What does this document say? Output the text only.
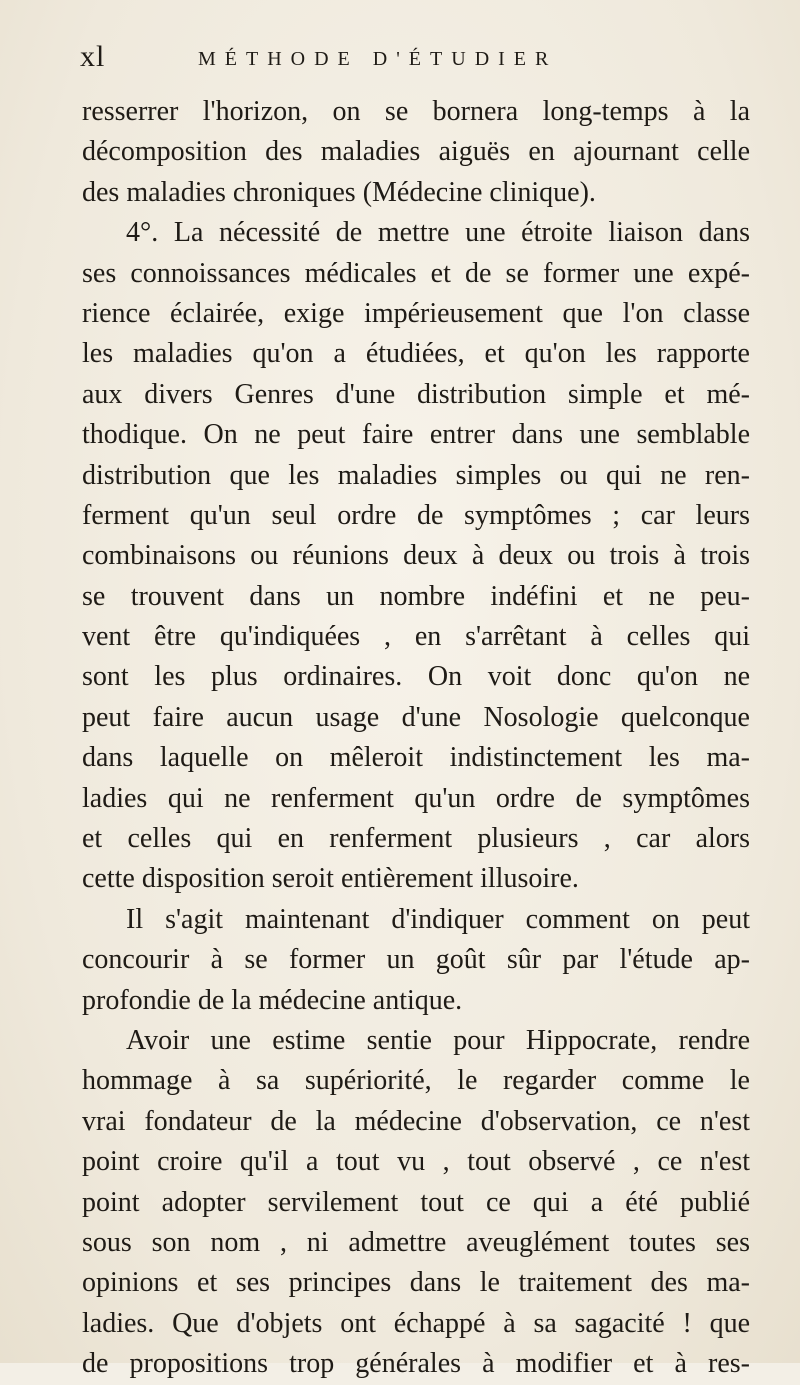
xl	MÉTHODE D'ÉTUDIER
resserrer l'horizon, on se bornera long-temps à la
décomposition des maladies aiguës en ajournant celle
des maladies chroniques (Médecine clinique).
4°. La nécessité de mettre une étroite liaison dans
ses connoissances médicales et de se former une expé-
rience éclairée, exige impérieusement que l'on classe
les maladies qu'on a étudiées, et qu'on les rapporte
aux divers Genres d'une distribution simple et mé-
thodique. On ne peut faire entrer dans une semblable
distribution que les maladies simples ou qui ne ren-
ferment qu'un seul ordre de symptômes ; car leurs
combinaisons ou réunions deux à deux ou trois à trois
se trouvent dans un nombre indéfini et ne peu-
vent être qu'indiquées , en s'arrêtant à celles qui
sont les plus ordinaires. On voit donc qu'on ne
peut faire aucun usage d'une Nosologie quelconque
dans laquelle on mêleroit indistinctement les ma-
ladies qui ne renferment qu'un ordre de symptômes
et celles qui en renferment plusieurs , car alors
cette disposition seroit entièrement illusoire.
Il s'agit maintenant d'indiquer comment on peut
concourir à se former un goût sûr par l'étude ap-
profondie de la médecine antique.
Avoir une estime sentie pour Hippocrate, rendre
hommage à sa supériorité, le regarder comme le
vrai fondateur de la médecine d'observation, ce n'est
point croire qu'il a tout vu , tout observé , ce n'est
point adopter servilement tout ce qui a été publié
sous son nom , ni admettre aveuglément toutes ses
opinions et ses principes dans le traitement des ma-
ladies. Que d'objets ont échappé à sa sagacité ! que
de propositions trop générales à modifier et à res-
